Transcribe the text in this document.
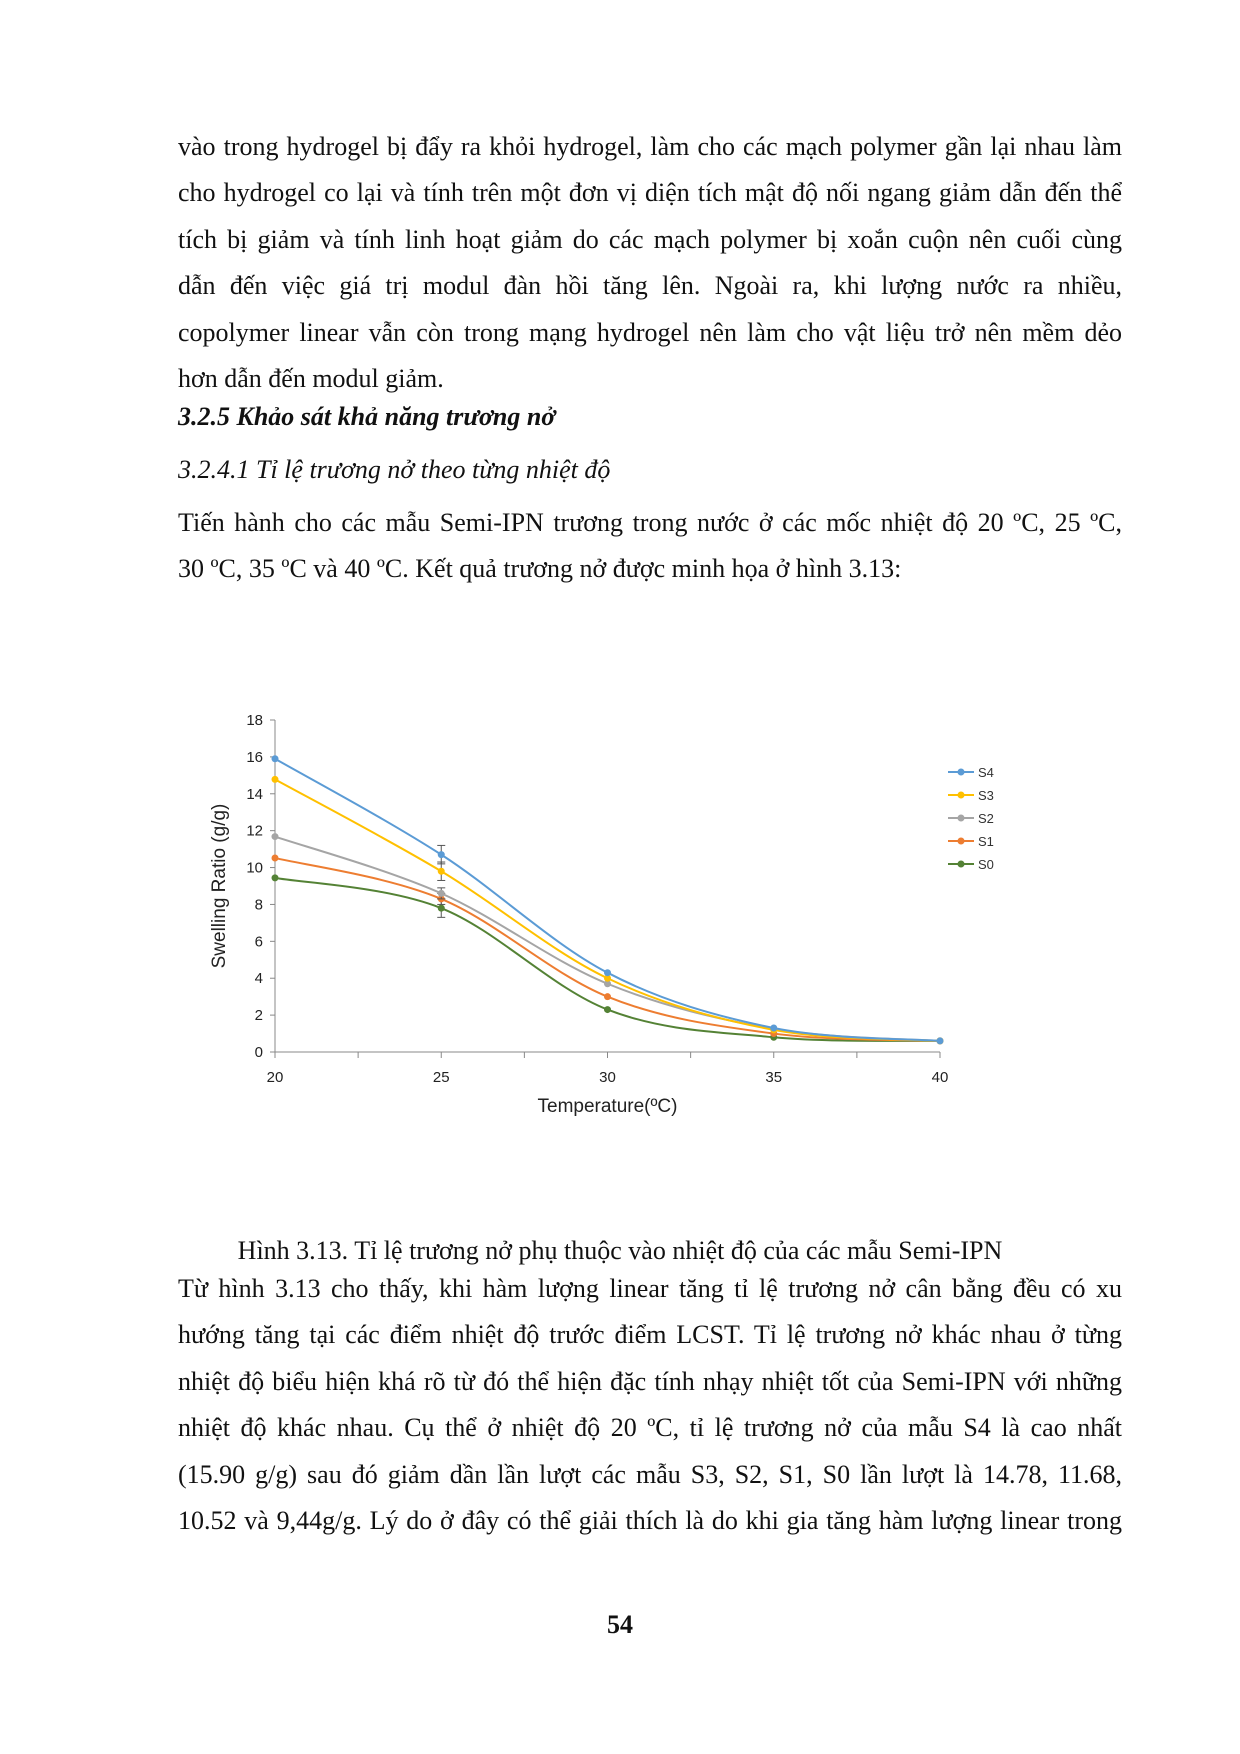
vào trong hydrogel bị đẩy ra khỏi hydrogel, làm cho các mạch polymer gần lại nhau làm
cho hydrogel co lại và tính trên một đơn vị diện tích mật độ nối ngang giảm dẫn đến thể
tích bị giảm và tính linh hoạt giảm do các mạch polymer bị xoắn cuộn nên cuối cùng
dẫn đến việc giá trị modul đàn hồi tăng lên. Ngoài ra, khi lượng nước ra nhiều,
copolymer linear vẫn còn trong mạng hydrogel nên làm cho vật liệu trở nên mềm dẻo
hơn dẫn đến modul giảm.
3.2.5 Khảo sát khả năng trương nở
3.2.4.1 Tỉ lệ trương nở theo từng nhiệt độ
Tiến hành cho các mẫu Semi-IPN trương trong nước ở các mốc nhiệt độ 20 ºC, 25 ºC,
30 ºC, 35 ºC và 40 ºC. Kết quả trương nở được minh họa ở hình 3.13:
0
2
4
6
8
10
12
14
16
18
20	25	30	35	40
Temperature(ºC)
Swelling Ratio (g/g)
S4
S3
S2
S1
S0

Hình 3.13. Tỉ lệ trương nở phụ thuộc vào nhiệt độ của các mẫu Semi-IPN

Từ hình 3.13 cho thấy, khi hàm lượng linear tăng tỉ lệ trương nở cân bằng đều có xu
hướng tăng tại các điểm nhiệt độ trước điểm LCST. Tỉ lệ trương nở khác nhau ở từng
nhiệt độ biểu hiện khá rõ từ đó thể hiện đặc tính nhạy nhiệt tốt của Semi-IPN với những
nhiệt độ khác nhau. Cụ thể ở nhiệt độ 20 ºC, tỉ lệ trương nở của mẫu S4 là cao nhất
(15.90 g/g) sau đó giảm dần lần lượt các mẫu S3, S2, S1, S0 lần lượt là 14.78, 11.68,
10.52 và 9,44g/g. Lý do ở đây có thể giải thích là do khi gia tăng hàm lượng linear trong
54
